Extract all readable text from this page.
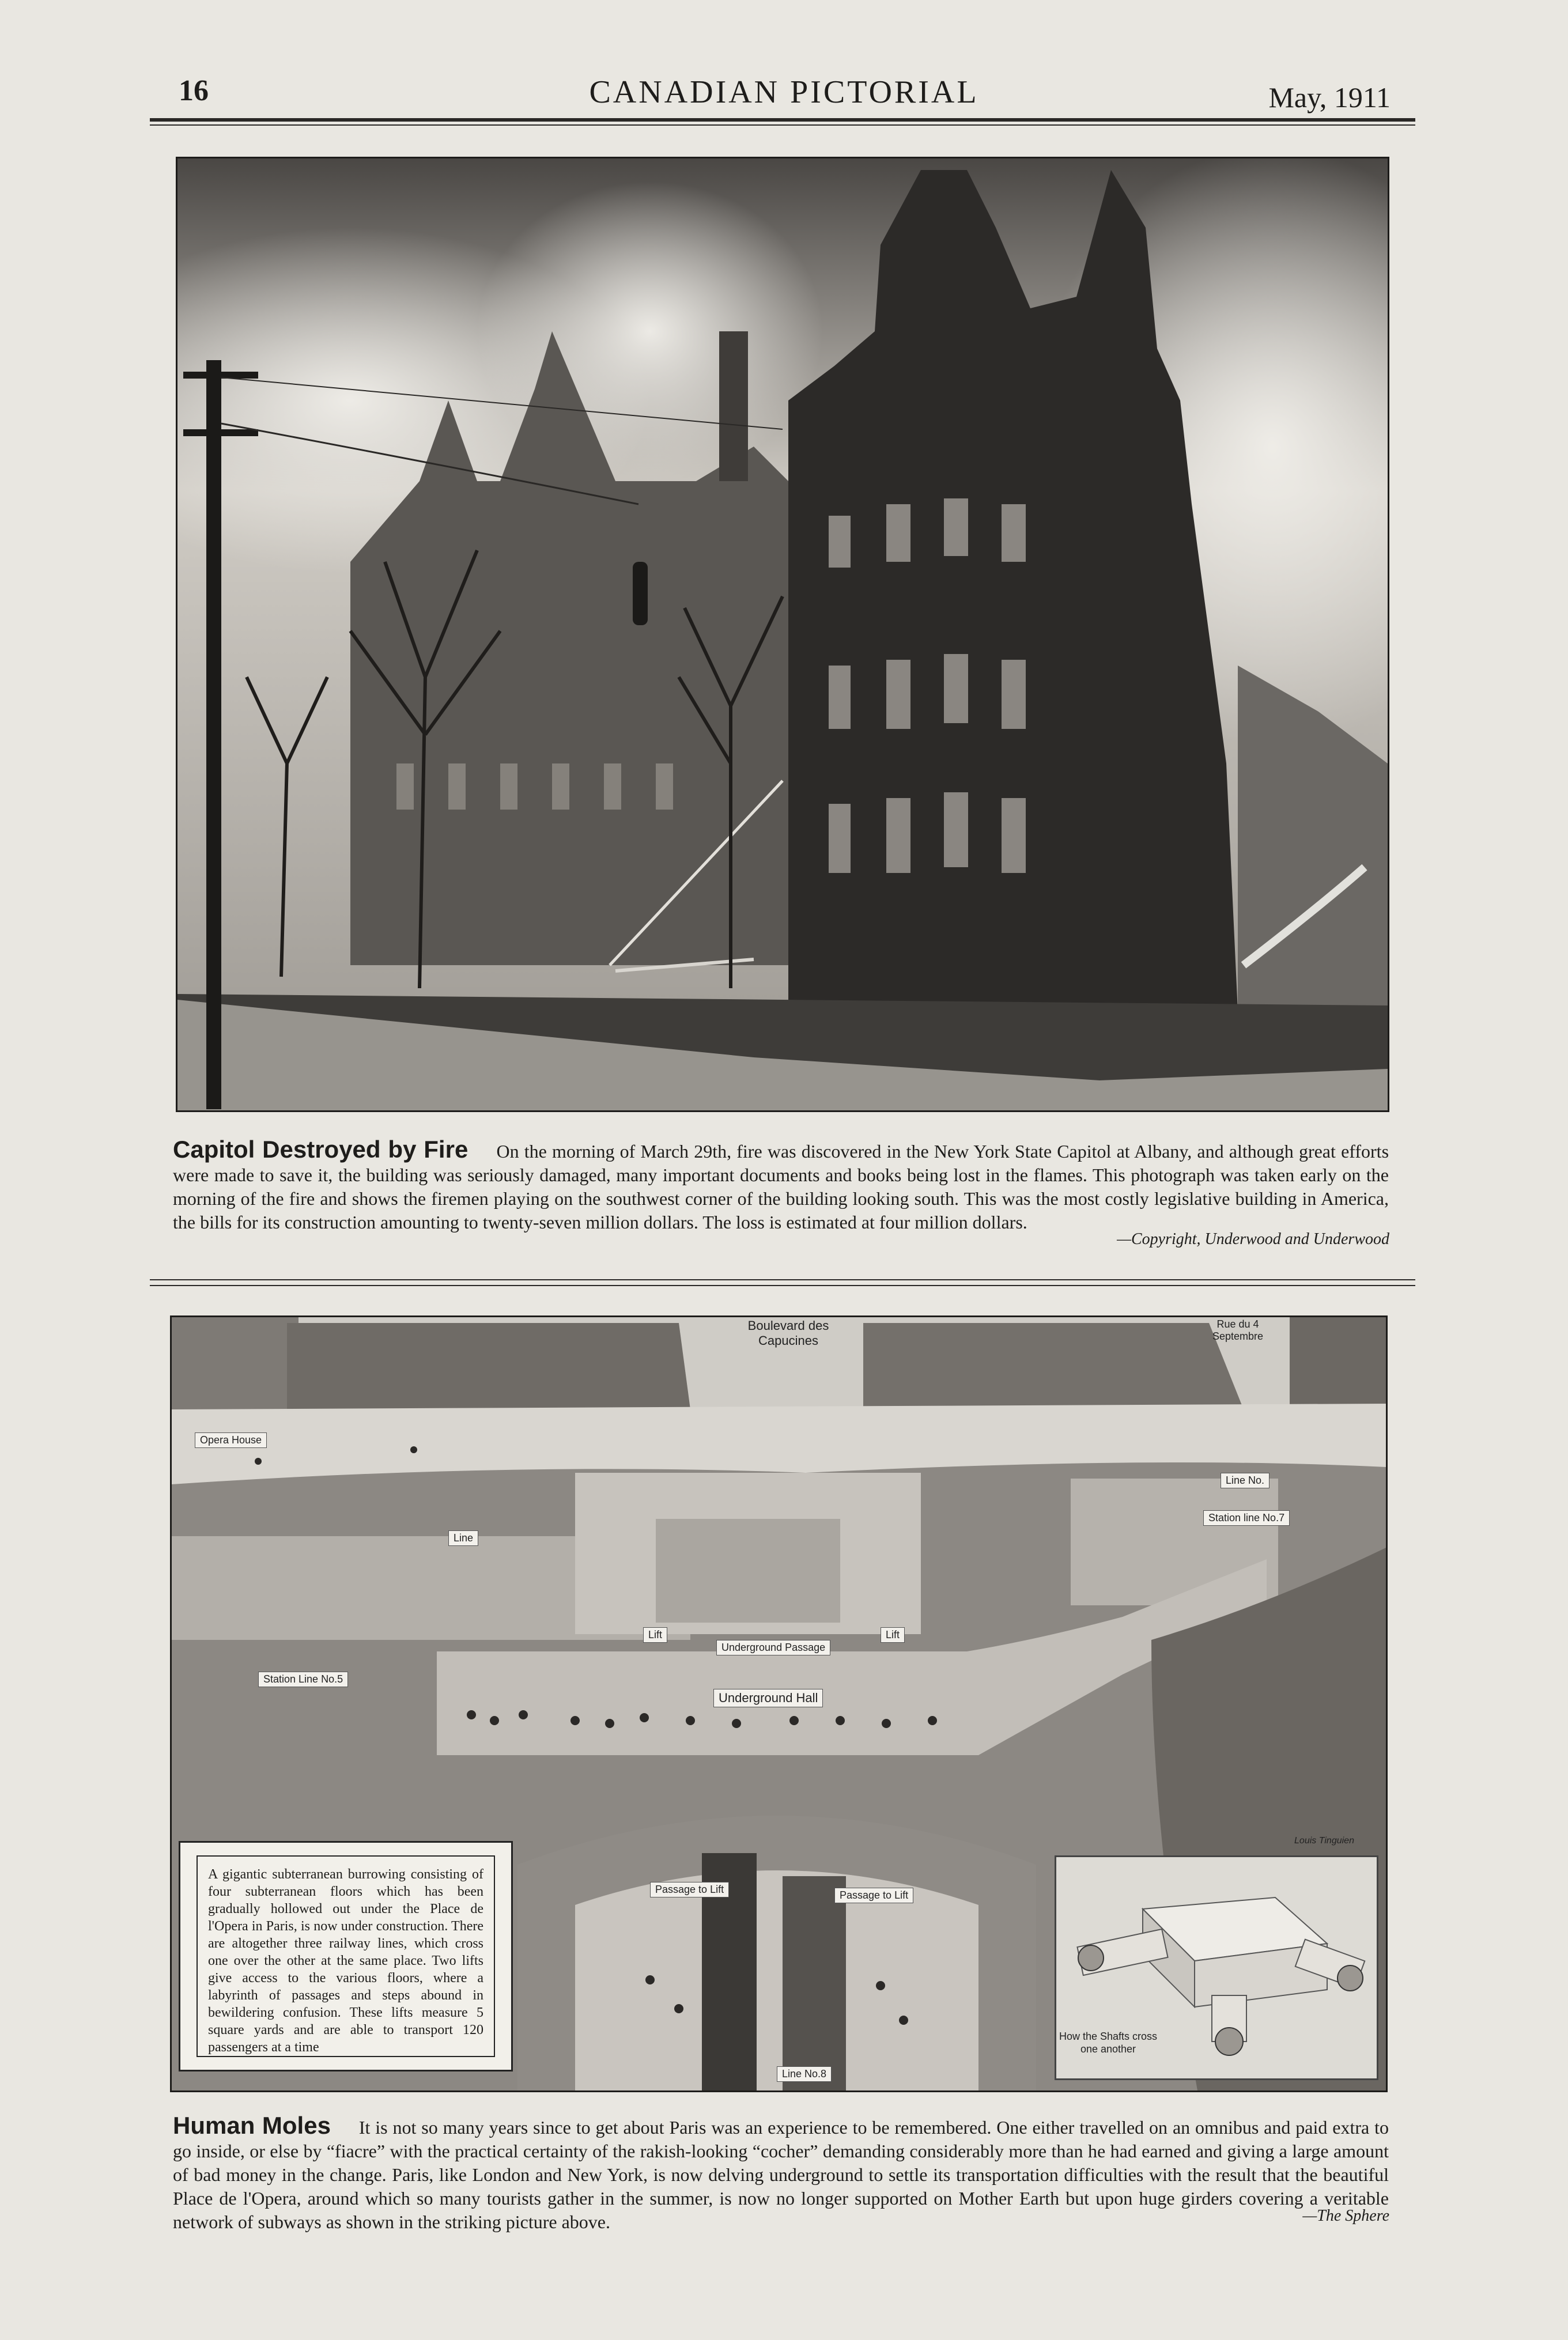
16	CANADIAN PICTORIAL	May, 1911
Capitol Destroyed by Fire On the morning of March 29th, fire was discovered in the New York State Capitol at Albany, and although great efforts were made to save it, the building was seriously damaged, many important documents and books being lost in the flames. This photograph was taken early on the morning of the fire and shows the firemen playing on the southwest corner of the building looking south. This was the most costly legislative building in America, the bills for its construction amounting to twenty-seven million dollars. The loss is estimated at four million dollars.
—Copyright, Underwood and Underwood
Boulevard des Capucines
Rue du 4 Septembre
Opera House
Line
Line No.
Station line No.7
Station Line No.5
Lift	Lift
Underground Passage
Underground Hall
Passage to Lift	Passage to Lift
Line No.8
Louis Tinguien
A gigantic subterranean burrowing consisting of four subterranean floors which has been gradually hollowed out under the Place de l'Opera in Paris, is now under construction. There are altogether three railway lines, which cross one over the other at the same place. Two lifts give access to the various floors, where a labyrinth of passages and steps abound in bewildering confusion. These lifts measure 5 square yards and are able to transport 120 passengers at a time
How the Shafts cross one another
Human Moles It is not so many years since to get about Paris was an experience to be remembered. One either travelled on an omnibus and paid extra to go inside, or else by “fiacre” with the practical certainty of the rakish-looking “cocher” demanding considerably more than he had earned and giving a large amount of bad money in the change. Paris, like London and New York, is now delving underground to settle its transportation difficulties with the result that the beautiful Place de l'Opera, around which so many tourists gather in the summer, is now no longer supported on Mother Earth but upon huge girders covering a veritable network of subways as shown in the striking picture above.	—The Sphere
